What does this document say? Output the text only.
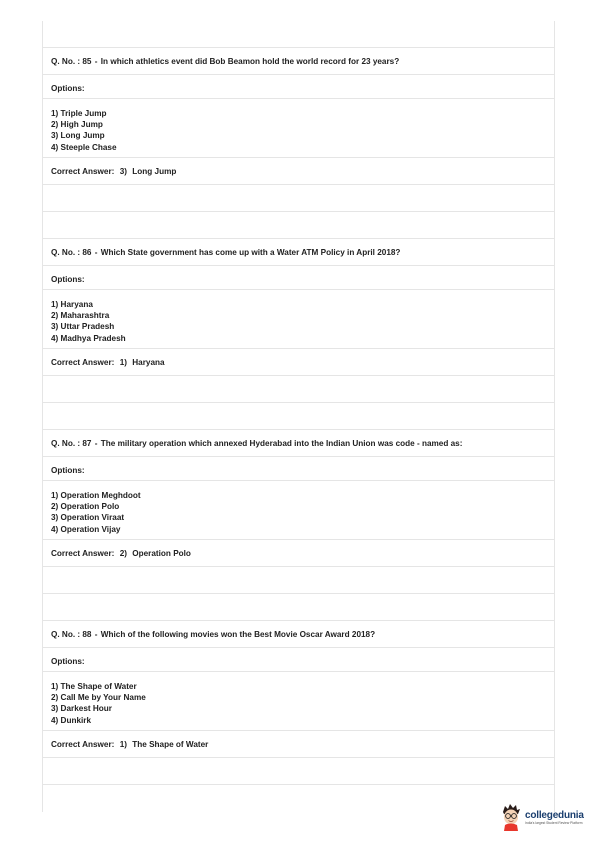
Q. No. : 85 - In which athletics event did Bob Beamon hold the world record for 23 years?
Options:
1) Triple Jump
2) High Jump
3) Long Jump
4) Steeple Chase
Correct Answer: 3) Long Jump
Q. No. : 86 - Which State government has come up with a Water ATM Policy in April 2018?
Options:
1) Haryana
2) Maharashtra
3) Uttar Pradesh
4) Madhya Pradesh
Correct Answer: 1) Haryana
Q. No. : 87 - The military operation which annexed Hyderabad into the Indian Union was code - named as:
Options:
1) Operation Meghdoot
2) Operation Polo
3) Operation Viraat
4) Operation Vijay
Correct Answer: 2) Operation Polo
Q. No. : 88 - Which of the following movies won the Best Movie Oscar Award 2018?
Options:
1) The Shape of Water
2) Call Me by Your Name
3) Darkest Hour
4) Dunkirk
Correct Answer: 1) The Shape of Water
collegedunia
India's largest Student Review Platform
